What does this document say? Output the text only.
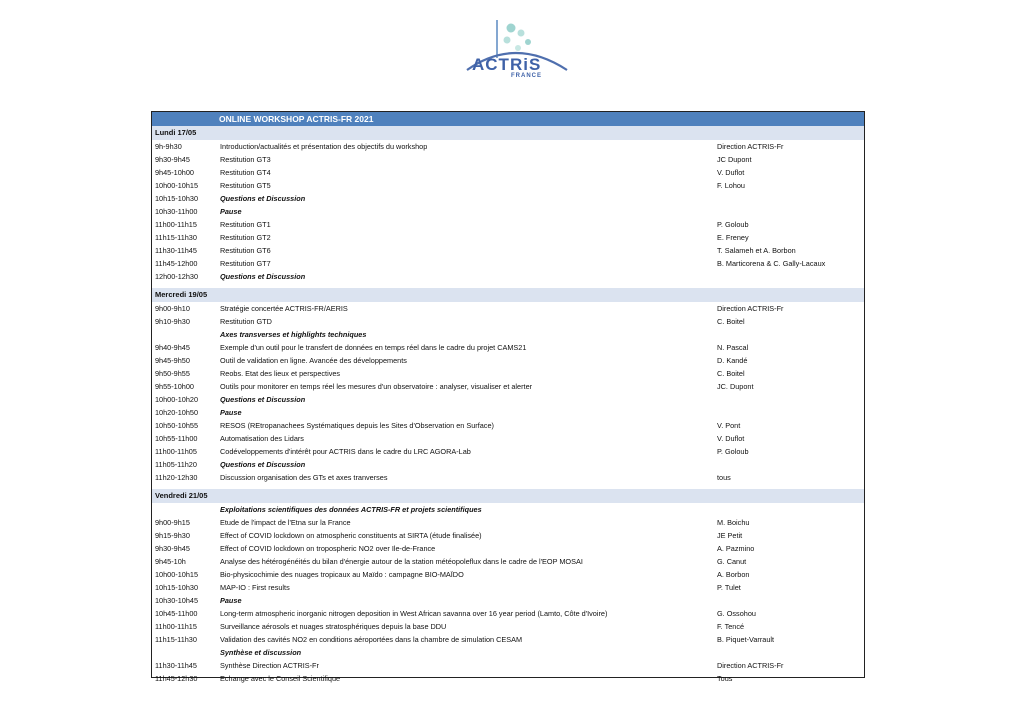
ACTRiS
FRANCE
ONLINE WORKSHOP ACTRIS-FR 2021
Lundi 17/05
9h-9h30	Introduction/actualités et présentation des objectifs du workshop	Direction ACTRIS-Fr
9h30-9h45	Restitution GT3	JC Dupont
9h45-10h00	Restitution GT4	V. Duflot
10h00-10h15	Restitution GT5	F. Lohou
10h15-10h30	Questions et Discussion
10h30-11h00	Pause
11h00-11h15	Restitution GT1	P. Goloub
11h15-11h30	Restitution GT2	E. Freney
11h30-11h45	Restitution GT6	T. Salameh et A. Borbon
11h45-12h00	Restitution GT7	B. Marticorena & C. Gally-Lacaux
12h00-12h30	Questions et Discussion
Mercredi 19/05
9h00-9h10	Stratégie concertée ACTRIS-FR/AERIS	Direction ACTRIS-Fr
9h10-9h30	Restitution GTD	C. Boitel
Axes transverses et highlights techniques
9h40-9h45	Exemple d'un outil pour le transfert de données en temps réel dans le cadre du projet CAMS21	N. Pascal
9h45-9h50	Outil de validation en ligne. Avancée des développements	D. Kandé
9h50-9h55	Reobs. Etat des lieux et perspectives	C. Boitel
9h55-10h00	Outils pour monitorer en temps réel les mesures d'un observatoire : analyser, visualiser et alerter	JC. Dupont
10h00-10h20	Questions et Discussion
10h20-10h50	Pause
10h50-10h55	RESOS (REtropanachees Systématiques depuis les Sites d'Observation en Surface)	V. Pont
10h55-11h00	Automatisation des Lidars	V. Duflot
11h00-11h05	Codéveloppements d'intérêt pour ACTRIS dans le cadre du LRC AGORA-Lab	P. Goloub
11h05-11h20	Questions et Discussion
11h20-12h30	Discussion organisation des GTs et axes tranverses	tous
Vendredi 21/05
Exploitations scientifiques des données ACTRIS-FR et projets scientifiques
9h00-9h15	Etude de l'impact de l'Etna sur la France	M. Boichu
9h15-9h30	Effect of COVID lockdown on atmospheric constituents at SIRTA (étude finalisée)	JE Petit
9h30-9h45	Effect of COVID lockdown on tropospheric NO2 over Ile-de-France	A. Pazmino
9h45-10h	Analyse des hétérogénéités du bilan d'énergie autour de la station météopoleflux dans le cadre de l'EOP MOSAI	G. Canut
10h00-10h15	Bio-physicochimie des nuages tropicaux au Maïdo : campagne BIO-MAÏDO	A. Borbon
10h15-10h30	MAP-IO : First results	P. Tulet
10h30-10h45	Pause
10h45-11h00	Long-term atmospheric inorganic nitrogen deposition in West African savanna over 16 year period (Lamto, Côte d'Ivoire)	G. Ossohou
11h00-11h15	Surveillance aérosols et nuages stratosphériques depuis la base DDU	F. Tencé
11h15-11h30	Validation des cavités NO2 en conditions aéroportées dans la chambre de simulation CESAM	B. Piquet-Varrault
Synthèse et discussion
11h30-11h45	Synthèse Direction ACTRIS-Fr	Direction ACTRIS-Fr
11h45-12h30	Echange avec le Conseil Scientifique	Tous
